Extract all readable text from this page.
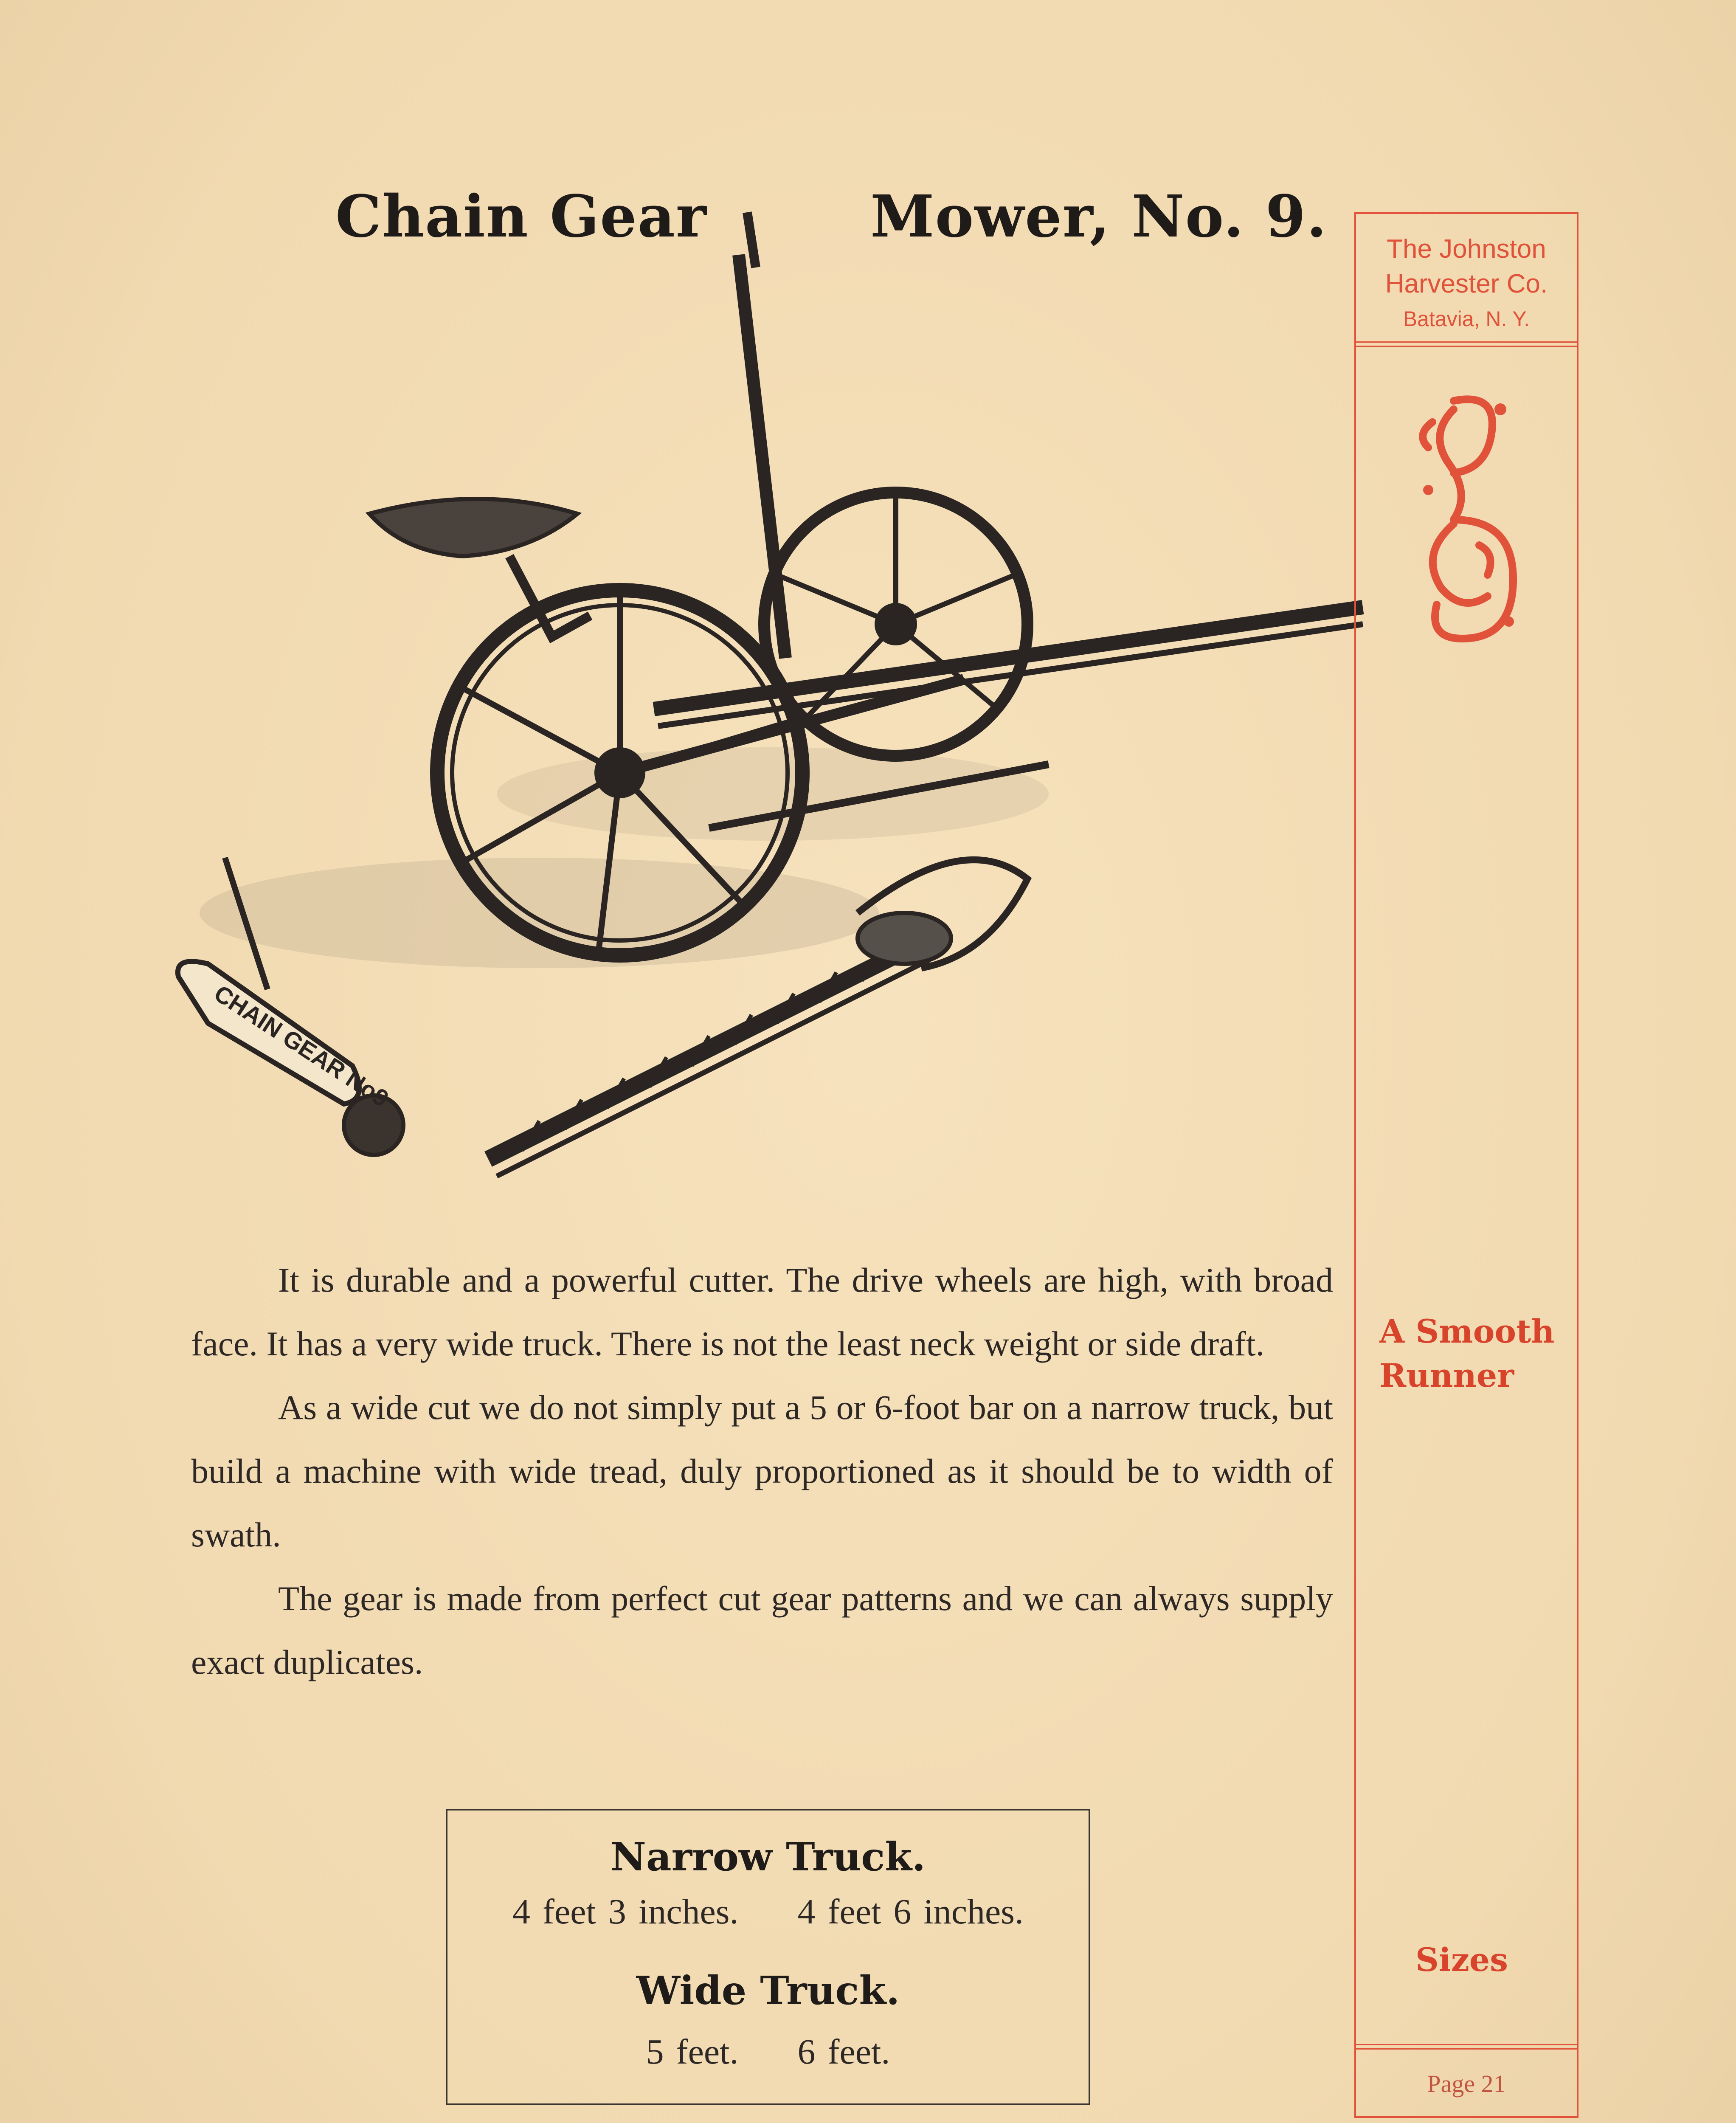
Chain Gear	Mower, No. 9.
CHAIN GEAR No9

It is durable and a powerful cutter. The drive wheels are high, with broad face. It has a very wide truck. There is not the least neck weight or side draft.

As a wide cut we do not simply put a 5 or 6-foot bar on a narrow truck, but build a machine with wide tread, duly proportioned as it should be to width of swath.

The gear is made from perfect cut gear patterns and we can always supply exact duplicates.

Narrow Truck.
4 feet 3 inches. 4 feet 6 inches.
Wide Truck.
5 feet. 6 feet.
The Johnston
Harvester Co.
Batavia, N. Y.
A Smooth
Runner
Sizes
Page 21
